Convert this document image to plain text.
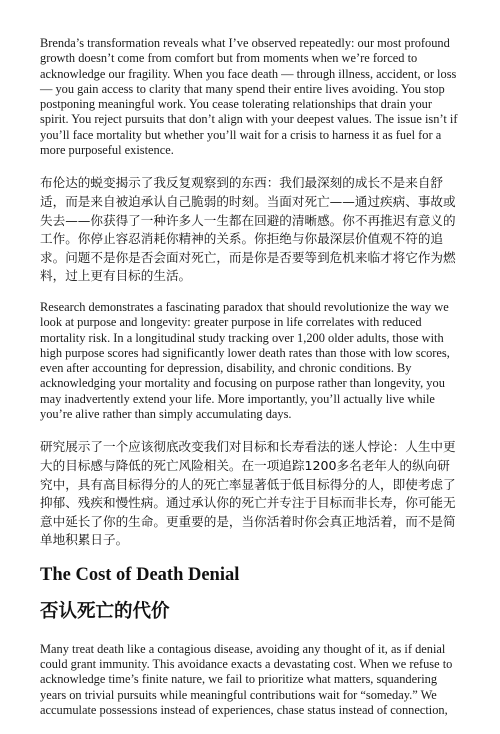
Brenda’s transformation reveals what I’ve observed repeatedly: our most profound growth doesn’t come from comfort but from moments when we’re forced to acknowledge our fragility. When you face death — through illness, accident, or loss — you gain access to clarity that many spend their entire lives avoiding. You stop postponing meaningful work. You cease tolerating relationships that drain your spirit. You reject pursuits that don’t align with your deepest values. The issue isn’t if you’ll face mortality but whether you’ll wait for a crisis to harness it as fuel for a more purposeful existence.

布伦达的蜕变揭示了我反复观察到的东西：我们最深刻的成长不是来自舒适，而是来自被迫承认自己脆弱的时刻。当面对死亡——通过疾病、事故或失去——你获得了一种许多人一生都在回避的清晰感。你不再推迟有意义的工作。你停止容忍消耗你精神的关系。你拒绝与你最深层价值观不符的追求。问题不是你是否会面对死亡，而是你是否要等到危机来临才将它作为燃料，过上更有目标的生活。

Research demonstrates a fascinating paradox that should revolutionize the way we look at purpose and longevity: greater purpose in life correlates with reduced mortality risk. In a longitudinal study tracking over 1,200 older adults, those with high purpose scores had significantly lower death rates than those with low scores, even after accounting for depression, disability, and chronic conditions. By acknowledging your mortality and focusing on purpose rather than longevity, you may inadvertently extend your life. More importantly, you’ll actually live while you’re alive rather than simply accumulating days.

研究展示了一个应该彻底改变我们对目标和长寿看法的迷人悖论：人生中更大的目标感与降低的死亡风险相关。在一项追踪1200多名老年人的纵向研究中，具有高目标得分的人的死亡率显著低于低目标得分的人，即使考虑了抑郁、残疾和慢性病。通过承认你的死亡并专注于目标而非长寿，你可能无意中延长了你的生命。更重要的是，当你活着时你会真正地活着，而不是简单地积累日子。

The Cost of Death Denial
否认死亡的代价

Many treat death like a contagious disease, avoiding any thought of it, as if denial could grant immunity. This avoidance exacts a devastating cost. When we refuse to acknowledge time’s finite nature, we fail to prioritize what matters, squandering years on trivial pursuits while meaningful contributions wait for “someday.” We accumulate possessions instead of experiences, chase status instead of connection,
